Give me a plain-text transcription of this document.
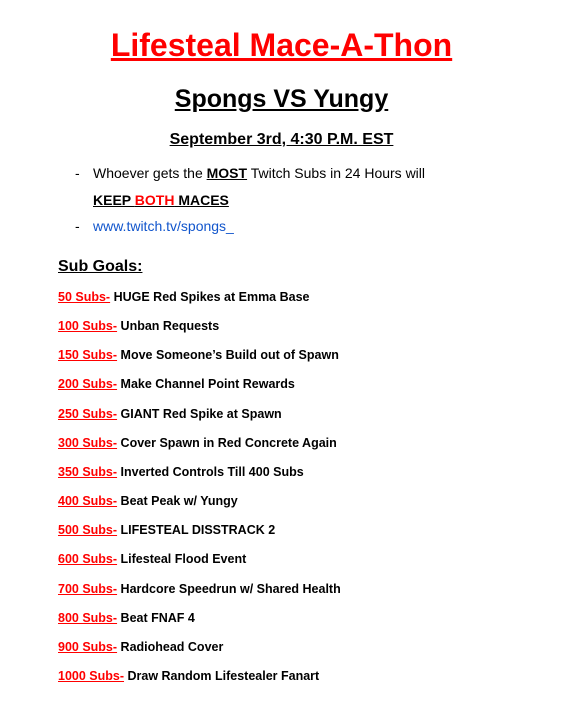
Lifesteal Mace-A-Thon
Spongs VS Yungy
September 3rd, 4:30 P.M. EST
- Whoever gets the MOST Twitch Subs in 24 Hours will
KEEP BOTH MACES
- www.twitch.tv/spongs_
Sub Goals:
50 Subs- HUGE Red Spikes at Emma Base
100 Subs- Unban Requests
150 Subs- Move Someone’s Build out of Spawn
200 Subs- Make Channel Point Rewards
250 Subs- GIANT Red Spike at Spawn
300 Subs- Cover Spawn in Red Concrete Again
350 Subs- Inverted Controls Till 400 Subs
400 Subs- Beat Peak w/ Yungy
500 Subs- LIFESTEAL DISSTRACK 2
600 Subs- Lifesteal Flood Event
700 Subs- Hardcore Speedrun w/ Shared Health
800 Subs- Beat FNAF 4
900 Subs- Radiohead Cover
1000 Subs- Draw Random Lifestealer Fanart
